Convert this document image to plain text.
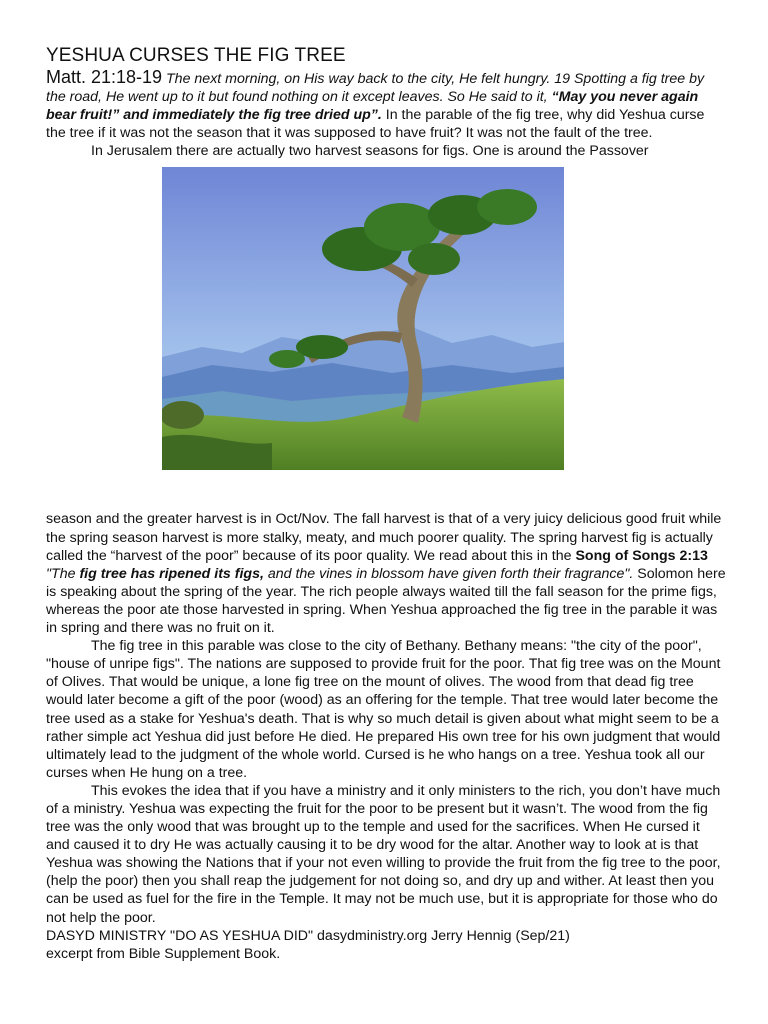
YESHUA CURSES THE FIG TREE

Matt. 21:18-19 The next morning, on His way back to the city, He felt hungry. 19 Spotting a fig tree by the road, He went up to it but found nothing on it except leaves. So He said to it, “May you never again bear fruit!” and immediately the fig tree dried up”. In the parable of the fig tree, why did Yeshua curse the tree if it was not the season that it was supposed to have fruit? It was not the fault of the tree.

In Jerusalem there are actually two harvest seasons for figs. One is around the Passover

season and the greater harvest is in Oct/Nov. The fall harvest is that of a very juicy delicious good fruit while the spring season harvest is more stalky, meaty, and much poorer quality. The spring harvest fig is actually called the “harvest of the poor” because of its poor quality. We read about this in the Song of Songs 2:13 "The fig tree has ripened its figs, and the vines in blossom have given forth their fragrance". Solomon here is speaking about the spring of the year. The rich people always waited till the fall season for the prime figs, whereas the poor ate those harvested in spring. When Yeshua approached the fig tree in the parable it was in spring and there was no fruit on it.

The fig tree in this parable was close to the city of Bethany. Bethany means: "the city of the poor", "house of unripe figs". The nations are supposed to provide fruit for the poor. That fig tree was on the Mount of Olives. That would be unique, a lone fig tree on the mount of olives. The wood from that dead fig tree would later become a gift of the poor (wood) as an offering for the temple. That tree would later become the tree used as a stake for Yeshua's death. That is why so much detail is given about what might seem to be a rather simple act Yeshua did just before He died. He prepared His own tree for his own judgment that would ultimately lead to the judgment of the whole world. Cursed is he who hangs on a tree. Yeshua took all our curses when He hung on a tree.

This evokes the idea that if you have a ministry and it only ministers to the rich, you don’t have much of a ministry. Yeshua was expecting the fruit for the poor to be present but it wasn’t. The wood from the fig tree was the only wood that was brought up to the temple and used for the sacrifices. When He cursed it and caused it to dry He was actually causing it to be dry wood for the altar. Another way to look at is that Yeshua was showing the Nations that if your not even willing to provide the fruit from the fig tree to the poor, (help the poor) then you shall reap the judgement for not doing so, and dry up and wither. At least then you can be used as fuel for the fire in the Temple. It may not be much use, but it is appropriate for those who do not help the poor.

DASYD MINISTRY "DO AS YESHUA DID" dasydministry.org Jerry Hennig (Sep/21)

excerpt from Bible Supplement Book.
